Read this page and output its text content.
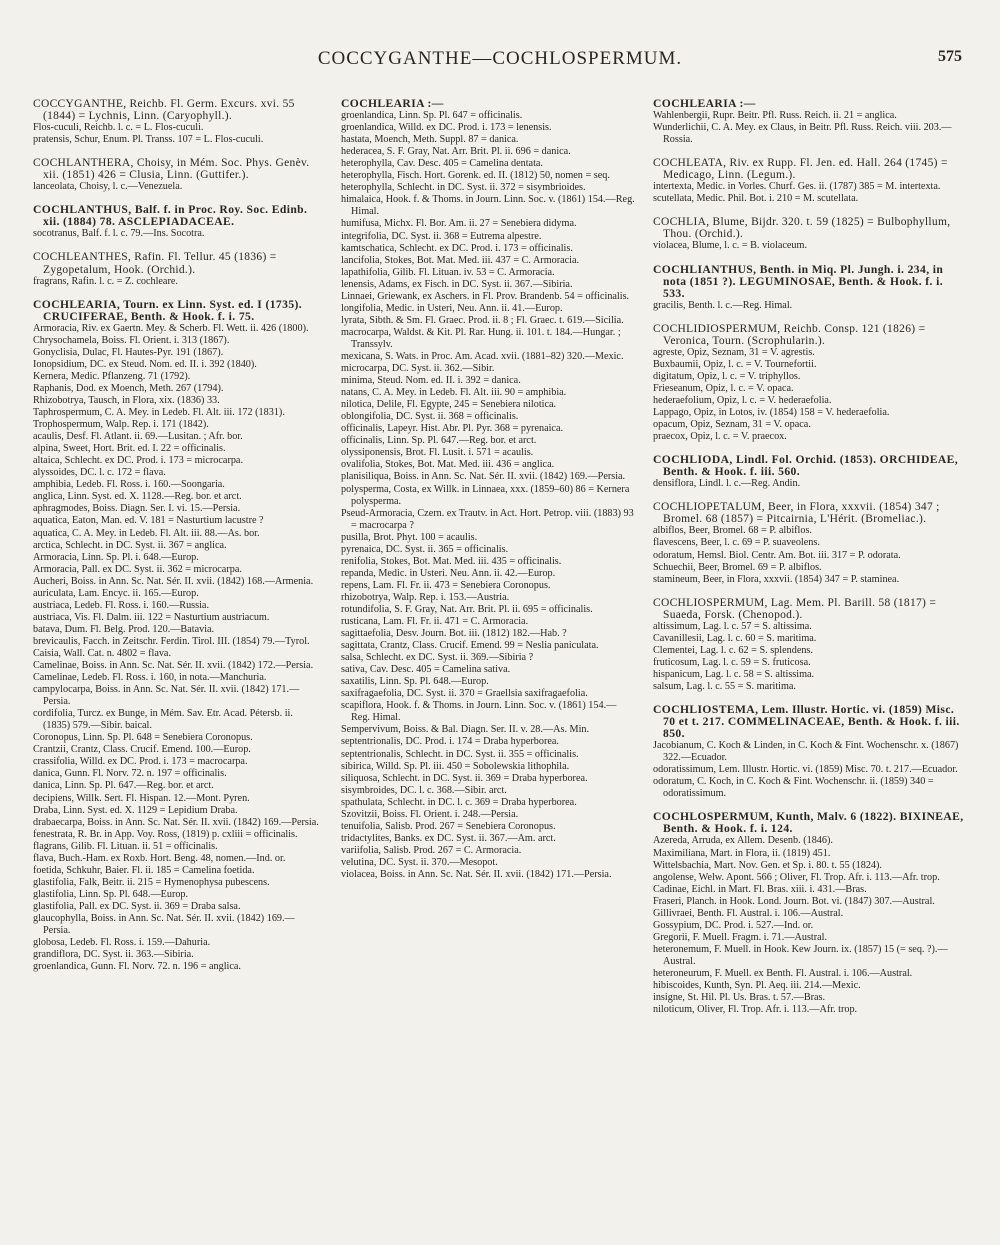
COCCYGANTHE—COCHLOSPERMUM.	575

COCCYGANTHE, Reichb. Fl. Germ. Excurs. xvi. 55 (1844) = Lychnis, Linn. (Caryophyll.).

Flos-cuculi, Reichb. l. c. = L. Flos-cuculi.

pratensis, Schur, Enum. Pl. Transs. 107 = L. Flos-cuculi.

COCHLANTHERA, Choisy, in Mém. Soc. Phys. Genèv. xii. (1851) 426 = Clusia, Linn. (Guttifer.).

lanceolata, Choisy, l. c.—Venezuela.

COCHLANTHUS, Balf. f. in Proc. Roy. Soc. Edinb. xii. (1884) 78. ASCLEPIADACEAE.

socotranus, Balf. f. l. c. 79.—Ins. Socotra.

COCHLEANTHES, Rafin. Fl. Tellur. 45 (1836) = Zygopetalum, Hook. (Orchid.).

fragrans, Rafin. l. c. = Z. cochleare.

COCHLEARIA, Tourn. ex Linn. Syst. ed. I (1735). CRUCIFERAE, Benth. & Hook. f. i. 75.

Armoracia, Riv. ex Gaertn. Mey. & Scherb. Fl. Wett. ii. 426 (1800).

Chrysochamela, Boiss. Fl. Orient. i. 313 (1867).

Gonyclisia, Dulac, Fl. Hautes-Pyr. 191 (1867).

Ionopsidium, DC. ex Steud. Nom. ed. II. i. 392 (1840).

Kernera, Medic. Pflanzeng. 71 (1792).

Raphanis, Dod. ex Moench, Meth. 267 (1794).

Rhizobotrya, Tausch, in Flora, xix. (1836) 33.

Taphrospermum, C. A. Mey. in Ledeb. Fl. Alt. iii. 172 (1831).

Trophospermum, Walp. Rep. i. 171 (1842).

acaulis, Desf. Fl. Atlant. ii. 69.—Lusitan. ; Afr. bor.

alpina, Sweet, Hort. Brit. ed. I. 22 = officinalis.

altaica, Schlecht. ex DC. Prod. i. 173 = microcarpa.

alyssoides, DC. l. c. 172 = flava.

amphibia, Ledeb. Fl. Ross. i. 160.—Soongaria.

anglica, Linn. Syst. ed. X. 1128.—Reg. bor. et arct.

aphragmodes, Boiss. Diagn. Ser. I. vi. 15.—Persia.

aquatica, Eaton, Man. ed. V. 181 = Nasturtium lacustre ?

aquatica, C. A. Mey. in Ledeb. Fl. Alt. iii. 88.—As. bor.

arctica, Schlecht. in DC. Syst. ii. 367 = anglica.

Armoracia, Linn. Sp. Pl. i. 648.—Europ.

Armoracia, Pall. ex DC. Syst. ii. 362 = microcarpa.

Aucheri, Boiss. in Ann. Sc. Nat. Sér. II. xvii. (1842) 168.—Armenia.

auriculata, Lam. Encyc. ii. 165.—Europ.

austriaca, Ledeb. Fl. Ross. i. 160.—Russia.

austriaca, Vis. Fl. Dalm. iii. 122 = Nasturtium austriacum.

batava, Dum. Fl. Belg. Prod. 120.—Batavia.

brevicaulis, Facch. in Zeitschr. Ferdin. Tirol. III. (1854) 79.—Tyrol.

Caisia, Wall. Cat. n. 4802 = flava.

Camelinae, Boiss. in Ann. Sc. Nat. Sér. II. xvii. (1842) 172.—Persia.

Camelinae, Ledeb. Fl. Ross. i. 160, in nota.—Manchuria.

campylocarpa, Boiss. in Ann. Sc. Nat. Sér. II. xvii. (1842) 171.—Persia.

cordifolia, Turcz. ex Bunge, in Mém. Sav. Etr. Acad. Pétersb. ii. (1835) 579.—Sibir. baical.

Coronopus, Linn. Sp. Pl. 648 = Senebiera Coronopus.

Crantzii, Crantz, Class. Crucif. Emend. 100.—Europ.

crassifolia, Willd. ex DC. Prod. i. 173 = macrocarpa.

danica, Gunn. Fl. Norv. 72. n. 197 = officinalis.

danica, Linn. Sp. Pl. 647.—Reg. bor. et arct.

decipiens, Willk. Sert. Fl. Hispan. 12.—Mont. Pyren.

Draba, Linn. Syst. ed. X. 1129 = Lepidium Draba.

drabaecarpa, Boiss. in Ann. Sc. Nat. Sér. II. xvii. (1842) 169.—Persia.

fenestrata, R. Br. in App. Voy. Ross, (1819) p. cxliii = officinalis.

flagrans, Gilib. Fl. Lituan. ii. 51 = officinalis.

flava, Buch.-Ham. ex Roxb. Hort. Beng. 48, nomen.—Ind. or.

foetida, Schkuhr, Baier. Fl. ii. 185 = Camelina foetida.

glastifolia, Falk, Beitr. ii. 215 = Hymenophysa pubescens.

glastifolia, Linn. Sp. Pl. 648.—Europ.

glastifolia, Pall. ex DC. Syst. ii. 369 = Draba salsa.

glaucophylla, Boiss. in Ann. Sc. Nat. Sér. II. xvii. (1842) 169.—Persia.

globosa, Ledeb. Fl. Ross. i. 159.—Dahuria.

grandiflora, DC. Syst. ii. 363.—Sibiria.

groenlandica, Gunn. Fl. Norv. 72. n. 196 = anglica.

COCHLEARIA :—

groenlandica, Linn. Sp. Pl. 647 = officinalis.

groenlandica, Willd. ex DC. Prod. i. 173 = lenensis.

hastata, Moench, Meth. Suppl. 87 = danica.

hederacea, S. F. Gray, Nat. Arr. Brit. Pl. ii. 696 = danica.

heterophylla, Cav. Desc. 405 = Camelina dentata.

heterophylla, Fisch. Hort. Gorenk. ed. II. (1812) 50, nomen = seq.

heterophylla, Schlecht. in DC. Syst. ii. 372 = sisymbrioides.

himalaica, Hook. f. & Thoms. in Journ. Linn. Soc. v. (1861) 154.—Reg. Himal.

humifusa, Michx. Fl. Bor. Am. ii. 27 = Senebiera didyma.

integrifolia, DC. Syst. ii. 368 = Eutrema alpestre.

kamtschatica, Schlecht. ex DC. Prod. i. 173 = officinalis.

lancifolia, Stokes, Bot. Mat. Med. iii. 437 = C. Armoracia.

lapathifolia, Gilib. Fl. Lituan. iv. 53 = C. Armoracia.

lenensis, Adams, ex Fisch. in DC. Syst. ii. 367.—Sibiria.

Linnaei, Griewank, ex Aschers. in Fl. Prov. Brandenb. 54 = officinalis.

longifolia, Medic. in Usteri, Neu. Ann. ii. 41.—Europ.

lyrata, Sibth. & Sm. Fl. Graec. Prod. ii. 8 ; Fl. Graec. t. 619.—Sicilia.

macrocarpa, Waldst. & Kit. Pl. Rar. Hung. ii. 101. t. 184.—Hungar. ; Transsylv.

mexicana, S. Wats. in Proc. Am. Acad. xvii. (1881–82) 320.—Mexic.

microcarpa, DC. Syst. ii. 362.—Sibir.

minima, Steud. Nom. ed. II. i. 392 = danica.

natans, C. A. Mey. in Ledeb. Fl. Alt. iii. 90 = amphibia.

nilotica, Delile, Fl. Egypte, 245 = Senebiera nilotica.

oblongifolia, DC. Syst. ii. 368 = officinalis.

officinalis, Lapeyr. Hist. Abr. Pl. Pyr. 368 = pyrenaica.

officinalis, Linn. Sp. Pl. 647.—Reg. bor. et arct.

olyssiponensis, Brot. Fl. Lusit. i. 571 = acaulis.

ovalifolia, Stokes, Bot. Mat. Med. iii. 436 = anglica.

planisiliqua, Boiss. in Ann. Sc. Nat. Sér. II. xvii. (1842) 169.—Persia.

polysperma, Costa, ex Willk. in Linnaea, xxx. (1859–60) 86 = Kernera polysperma.

Pseud-Armoracia, Czern. ex Trautv. in Act. Hort. Petrop. viii. (1883) 93 = macrocarpa ?

pusilla, Brot. Phyt. 100 = acaulis.

pyrenaica, DC. Syst. ii. 365 = officinalis.

renifolia, Stokes, Bot. Mat. Med. iii. 435 = officinalis.

repanda, Medic. in Usteri. Neu. Ann. ii. 42.—Europ.

repens, Lam. Fl. Fr. ii. 473 = Senebiera Coronopus.

rhizobotrya, Walp. Rep. i. 153.—Austria.

rotundifolia, S. F. Gray, Nat. Arr. Brit. Pl. ii. 695 = officinalis.

rusticana, Lam. Fl. Fr. ii. 471 = C. Armoracia.

sagittaefolia, Desv. Journ. Bot. iii. (1812) 182.—Hab. ?

sagittata, Crantz, Class. Crucif. Emend. 99 = Neslia paniculata.

salsa, Schlecht. ex DC. Syst. ii. 369.—Sibiria ?

sativa, Cav. Desc. 405 = Camelina sativa.

saxatilis, Linn. Sp. Pl. 648.—Europ.

saxifragaefolia, DC. Syst. ii. 370 = Graellsia saxifragaefolia.

scapiflora, Hook. f. & Thoms. in Journ. Linn. Soc. v. (1861) 154.—Reg. Himal.

Sempervivum, Boiss. & Bal. Diagn. Ser. II. v. 28.—As. Min.

septentrionalis, DC. Prod. i. 174 = Draba hyperborea.

septentrionalis, Schlecht. in DC. Syst. ii. 355 = officinalis.

sibirica, Willd. Sp. Pl. iii. 450 = Sobolewskia lithophila.

siliquosa, Schlecht. in DC. Syst. ii. 369 = Draba hyperborea.

sisymbroides, DC. l. c. 368.—Sibir. arct.

spathulata, Schlecht. in DC. l. c. 369 = Draba hyperborea.

Szovitzii, Boiss. Fl. Orient. i. 248.—Persia.

tenuifolia, Salisb. Prod. 267 = Senebiera Coronopus.

tridactylites, Banks. ex DC. Syst. ii. 367.—Am. arct.

variifolia, Salisb. Prod. 267 = C. Armoracia.

velutina, DC. Syst. ii. 370.—Mesopot.

violacea, Boiss. in Ann. Sc. Nat. Sér. II. xvii. (1842) 171.—Persia.

COCHLEARIA :—

Wahlenbergii, Rupr. Beitr. Pfl. Russ. Reich. ii. 21 = anglica.

Wunderlichii, C. A. Mey. ex Claus, in Beitr. Pfl. Russ. Reich. viii. 203.—Rossia.

COCHLEATA, Riv. ex Rupp. Fl. Jen. ed. Hall. 264 (1745) = Medicago, Linn. (Legum.).

intertexta, Medic. in Vorles. Churf. Ges. ii. (1787) 385 = M. intertexta.

scutellata, Medic. Phil. Bot. i. 210 = M. scutellata.

COCHLIA, Blume, Bijdr. 320. t. 59 (1825) = Bulbophyllum, Thou. (Orchid.).

violacea, Blume, l. c. = B. violaceum.

COCHLIANTHUS, Benth. in Miq. Pl. Jungh. i. 234, in nota (1851 ?). LEGUMINOSAE, Benth. & Hook. f. i. 533.

gracilis, Benth. l. c.—Reg. Himal.

COCHLIDIOSPERMUM, Reichb. Consp. 121 (1826) = Veronica, Tourn. (Scrophularin.).

agreste, Opiz, Seznam, 31 = V. agrestis.

Buxbaumii, Opiz, l. c. = V. Tournefortii.

digitatum, Opiz, l. c. = V. triphyllos.

Frieseanum, Opiz, l. c. = V. opaca.

hederaefolium, Opiz, l. c. = V. hederaefolia.

Lappago, Opiz, in Lotos, iv. (1854) 158 = V. hederaefolia.

opacum, Opiz, Seznam, 31 = V. opaca.

praecox, Opiz, l. c. = V. praecox.

COCHLIODA, Lindl. Fol. Orchid. (1853). ORCHIDEAE, Benth. & Hook. f. iii. 560.

densiflora, Lindl. l. c.—Reg. Andin.

COCHLIOPETALUM, Beer, in Flora, xxxvii. (1854) 347 ; Bromel. 68 (1857) = Pitcairnia, L'Hérit. (Bromeliac.).

albiflos, Beer, Bromel. 68 = P. albiflos.

flavescens, Beer, l. c. 69 = P. suaveolens.

odoratum, Hemsl. Biol. Centr. Am. Bot. iii. 317 = P. odorata.

Schuechii, Beer, Bromel. 69 = P. albiflos.

stamineum, Beer, in Flora, xxxvii. (1854) 347 = P. staminea.

COCHLIOSPERMUM, Lag. Mem. Pl. Barill. 58 (1817) = Suaeda, Forsk. (Chenopod.).

altissimum, Lag. l. c. 57 = S. altissima.

Cavanillesii, Lag. l. c. 60 = S. maritima.

Clementei, Lag. l. c. 62 = S. splendens.

fruticosum, Lag. l. c. 59 = S. fruticosa.

hispanicum, Lag. l. c. 58 = S. altissima.

salsum, Lag. l. c. 55 = S. maritima.

COCHLIOSTEMA, Lem. Illustr. Hortic. vi. (1859) Misc. 70 et t. 217. COMMELINACEAE, Benth. & Hook. f. iii. 850.

Jacobianum, C. Koch & Linden, in C. Koch & Fint. Wochenschr. x. (1867) 322.—Ecuador.

odoratissimum, Lem. Illustr. Hortic. vi. (1859) Misc. 70. t. 217.—Ecuador.

odoratum, C. Koch, in C. Koch & Fint. Wochenschr. ii. (1859) 340 = odoratissimum.

COCHLOSPERMUM, Kunth, Malv. 6 (1822). BIXINEAE, Benth. & Hook. f. i. 124.

Azereda, Arruda, ex Allem. Desenb. (1846).

Maximiliana, Mart. in Flora, ii. (1819) 451.

Wittelsbachia, Mart. Nov. Gen. et Sp. i. 80. t. 55 (1824).

angolense, Welw. Apont. 566 ; Oliver, Fl. Trop. Afr. i. 113.—Afr. trop.

Cadinae, Eichl. in Mart. Fl. Bras. xiii. i. 431.—Bras.

Fraseri, Planch. in Hook. Lond. Journ. Bot. vi. (1847) 307.—Austral.

Gillivraei, Benth. Fl. Austral. i. 106.—Austral.

Gossypium, DC. Prod. i. 527.—Ind. or.

Gregorii, F. Muell. Fragm. i. 71.—Austral.

heteronemum, F. Muell. in Hook. Kew Journ. ix. (1857) 15 (= seq. ?).—Austral.

heteroneurum, F. Muell. ex Benth. Fl. Austral. i. 106.—Austral.

hibiscoides, Kunth, Syn. Pl. Aeq. iii. 214.—Mexic.

insigne, St. Hil. Pl. Us. Bras. t. 57.—Bras.

niloticum, Oliver, Fl. Trop. Afr. i. 113.—Afr. trop.
